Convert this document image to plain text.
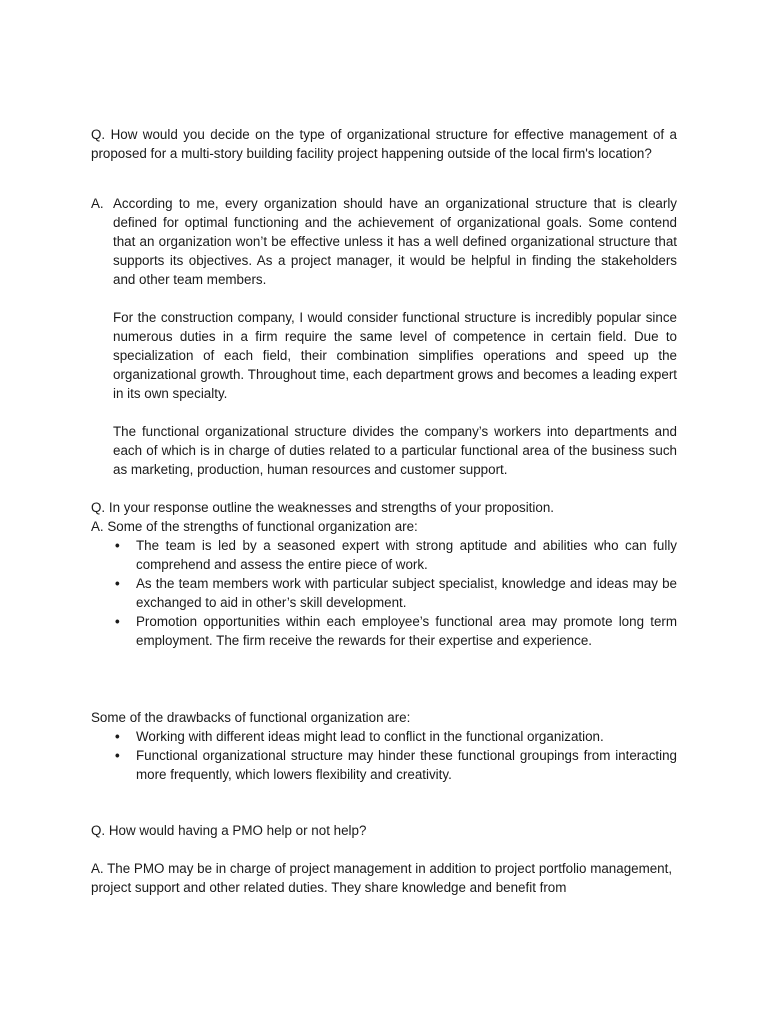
Q. How would you decide on the type of organizational structure for effective management of a proposed for a multi-story building facility project happening outside of the local firm's location?

A. According to me, every organization should have an organizational structure that is clearly defined for optimal functioning and the achievement of organizational goals. Some contend that an organization won’t be effective unless it has a well defined organizational structure that supports its objectives. As a project manager, it would be helpful in finding the stakeholders and other team members.

For the construction company, I would consider functional structure is incredibly popular since numerous duties in a firm require the same level of competence in certain field. Due to specialization of each field, their combination simplifies operations and speed up the organizational growth. Throughout time, each department grows and becomes a leading expert in its own specialty.

The functional organizational structure divides the company’s workers into departments and each of which is in charge of duties related to a particular functional area of the business such as marketing, production, human resources and customer support.

Q. In your response outline the weaknesses and strengths of your proposition.
A. Some of the strengths of functional organization are:
• The team is led by a seasoned expert with strong aptitude and abilities who can fully comprehend and assess the entire piece of work.
• As the team members work with particular subject specialist, knowledge and ideas may be exchanged to aid in other’s skill development.
• Promotion opportunities within each employee’s functional area may promote long term employment. The firm receive the rewards for their expertise and experience.
Some of the drawbacks of functional organization are:
• Working with different ideas might lead to conflict in the functional organization.
• Functional organizational structure may hinder these functional groupings from interacting more frequently, which lowers flexibility and creativity.

Q. How would having a PMO help or not help?

A. The PMO may be in charge of project management in addition to project portfolio management, project support and other related duties. They share knowledge and benefit from
